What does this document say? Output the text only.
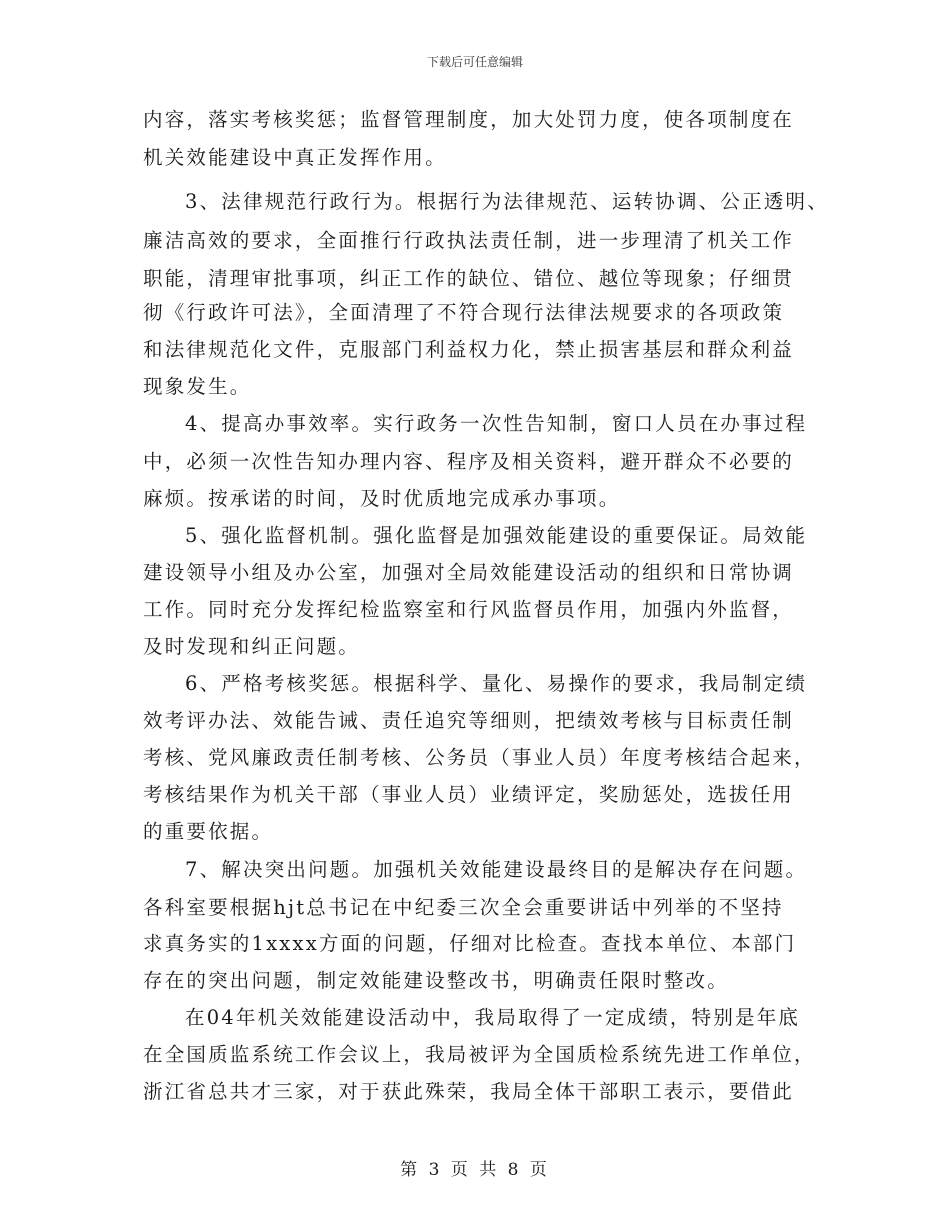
下载后可任意编辑
内容，落实考核奖惩；监督管理制度，加大处罚力度，使各项制度在
机关效能建设中真正发挥作用。
3、法律规范行政行为。根据行为法律规范、运转协调、公正透明、
廉洁高效的要求，全面推行行政执法责任制，进一步理清了机关工作
职能，清理审批事项，纠正工作的缺位、错位、越位等现象；仔细贯
彻《行政许可法》，全面清理了不符合现行法律法规要求的各项政策
和法律规范化文件，克服部门利益权力化，禁止损害基层和群众利益
现象发生。
4、提高办事效率。实行政务一次性告知制，窗口人员在办事过程
中，必须一次性告知办理内容、程序及相关资料，避开群众不必要的
麻烦。按承诺的时间，及时优质地完成承办事项。
5、强化监督机制。强化监督是加强效能建设的重要保证。局效能
建设领导小组及办公室，加强对全局效能建设活动的组织和日常协调
工作。同时充分发挥纪检监察室和行风监督员作用，加强内外监督，
及时发现和纠正问题。
6、严格考核奖惩。根据科学、量化、易操作的要求，我局制定绩
效考评办法、效能告诫、责任追究等细则，把绩效考核与目标责任制
考核、党风廉政责任制考核、公务员（事业人员）年度考核结合起来，
考核结果作为机关干部（事业人员）业绩评定，奖励惩处，选拔任用
的重要依据。
7、解决突出问题。加强机关效能建设最终目的是解决存在问题。
各科室要根据hjt总书记在中纪委三次全会重要讲话中列举的不坚持
求真务实的1xxxx方面的问题，仔细对比检查。查找本单位、本部门
存在的突出问题，制定效能建设整改书，明确责任限时整改。
在04年机关效能建设活动中，我局取得了一定成绩，特别是年底
在全国质监系统工作会议上，我局被评为全国质检系统先进工作单位，
浙江省总共才三家，对于获此殊荣，我局全体干部职工表示，要借此
第 3 页 共 8 页
